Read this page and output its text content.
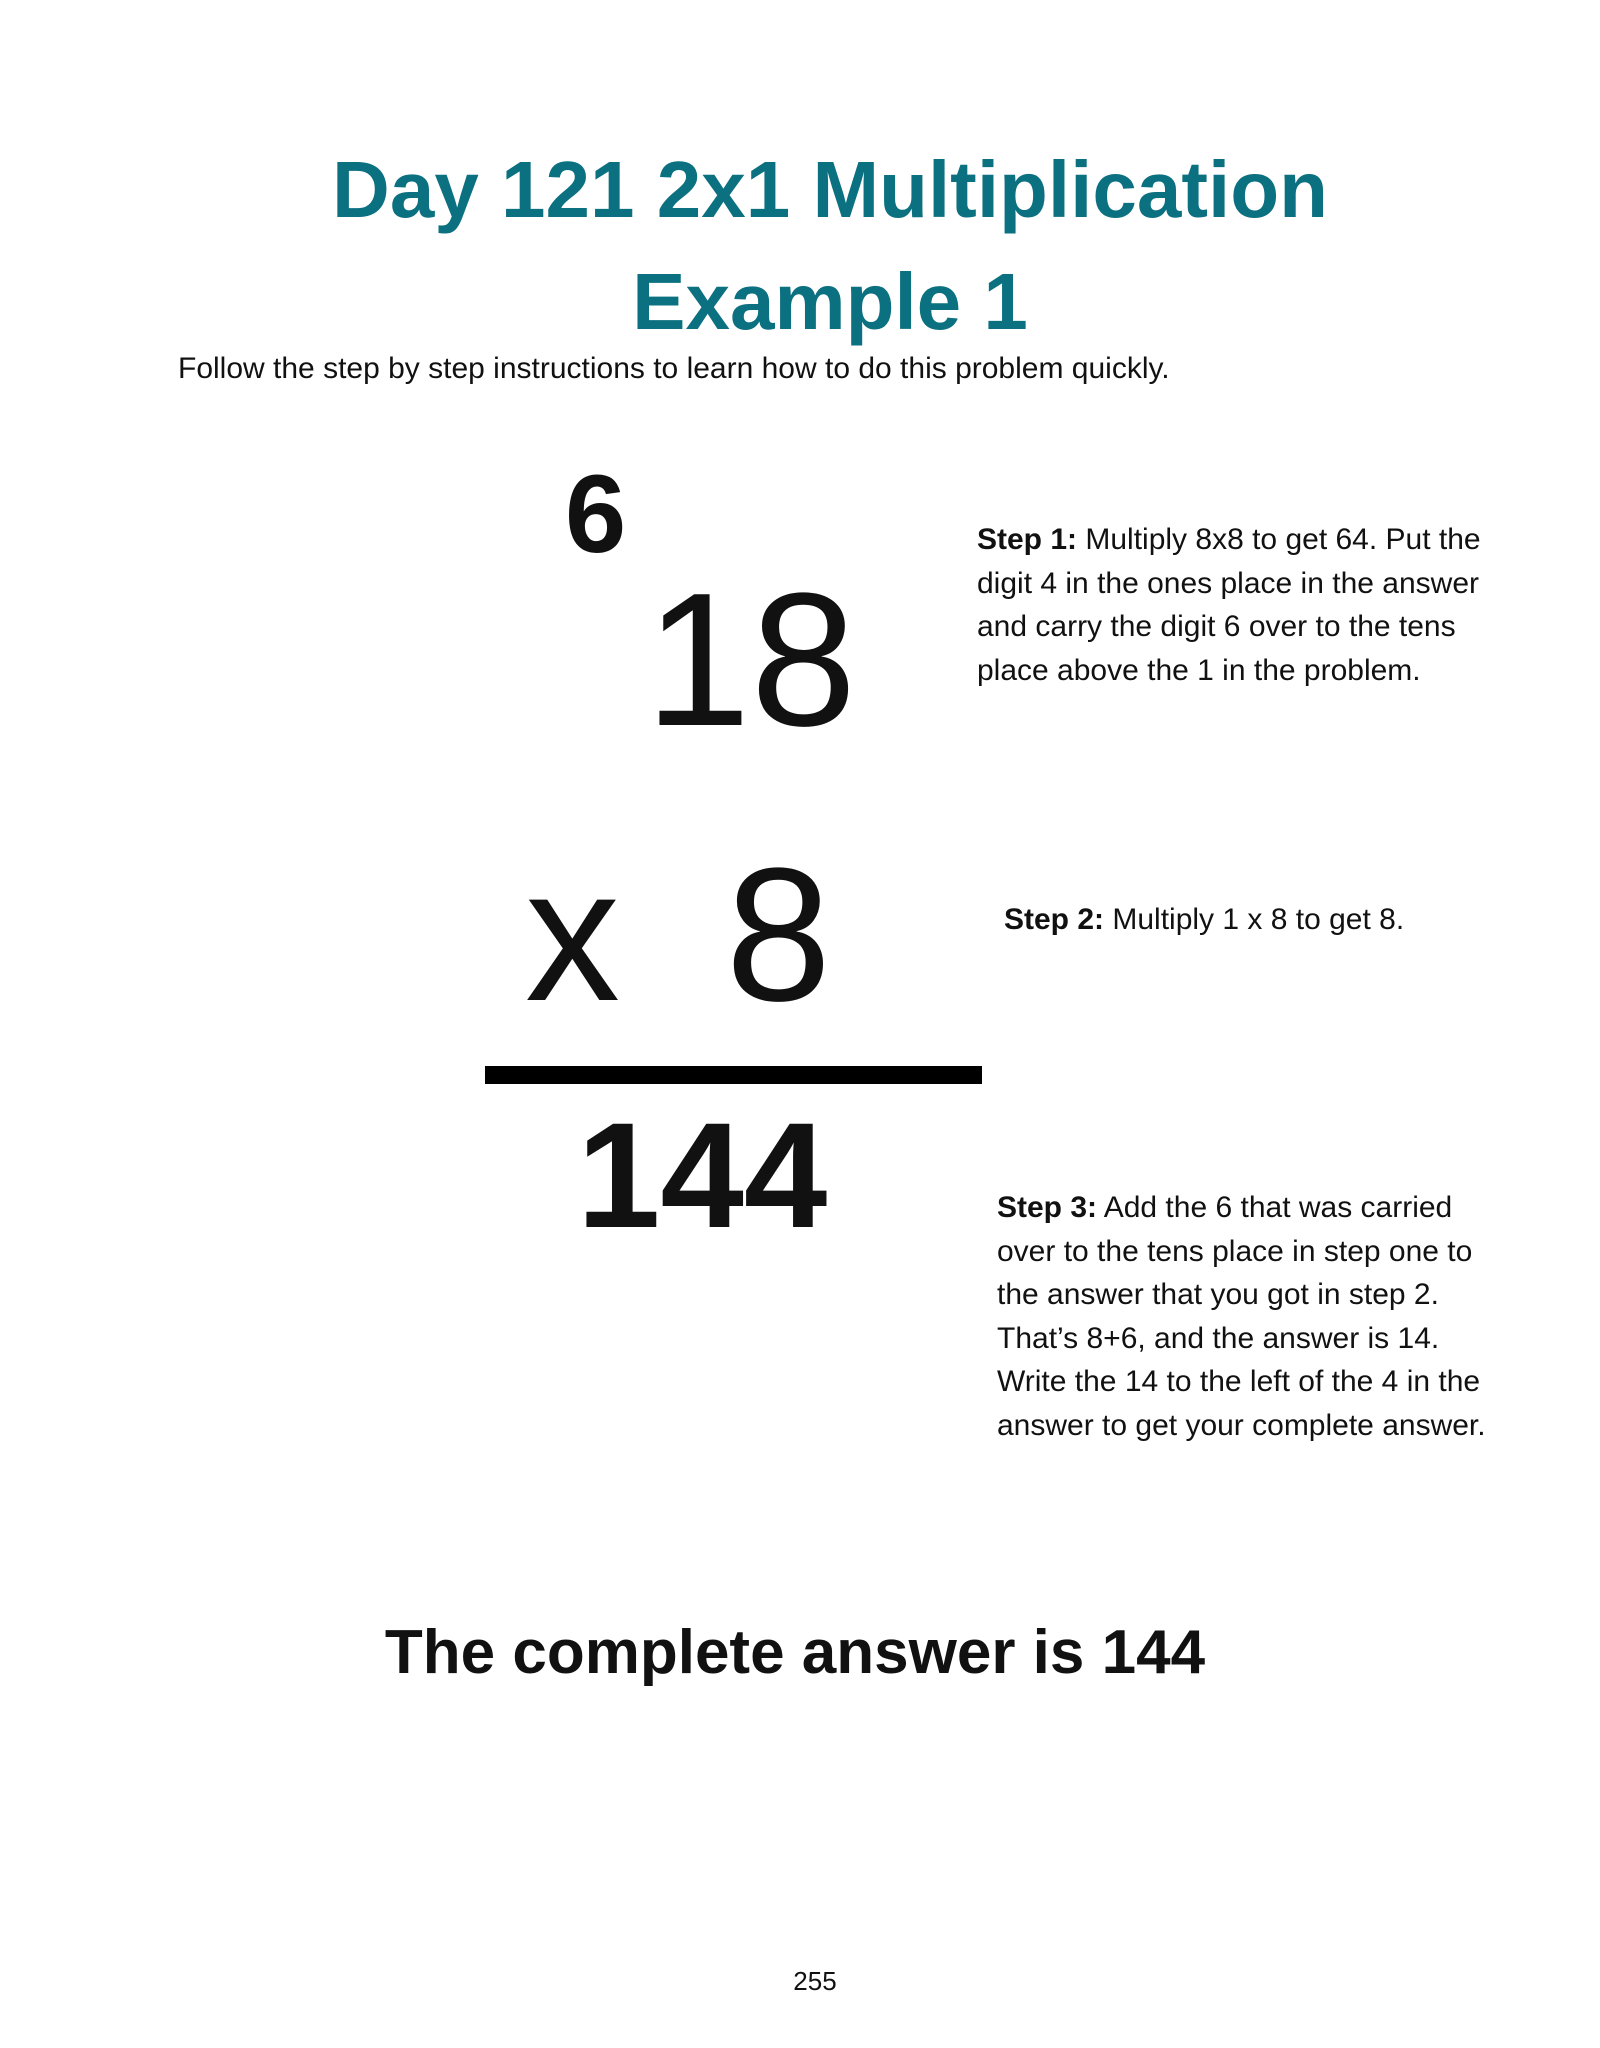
Day 121 2x1 Multiplication
Example 1
Follow the step by step instructions to learn how to do this problem quickly.
6
18
x  8
144
Step 1: Multiply 8x8 to get 64. Put the digit 4 in the ones place in the answer and carry the digit 6 over to the tens place above the 1 in the problem.
Step 2: Multiply 1 x 8 to get 8.
Step 3: Add the 6 that was carried over to the tens place in step one to the answer that you got in step 2. That’s 8+6, and the answer is 14. Write the 14 to the left of the 4 in the answer to get your complete answer.
The complete answer is 144
255
